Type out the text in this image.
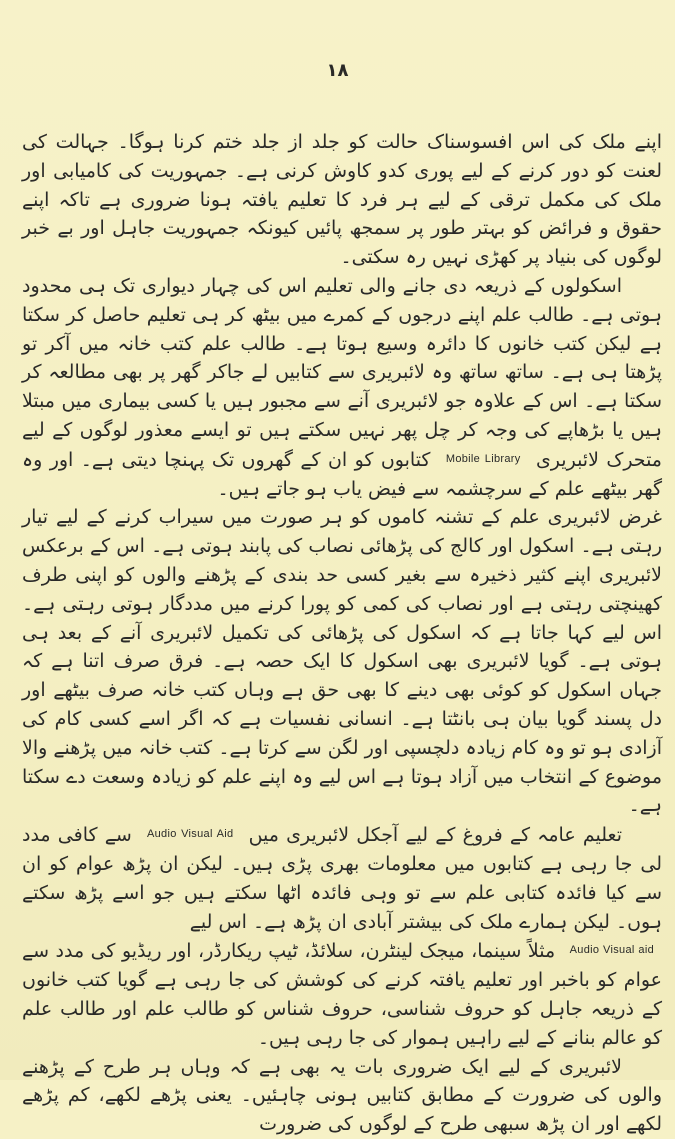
۱۸

اپنے ملک کی اس افسوسناک حالت کو جلد از جلد ختم کرنا ہوگا۔ جہالت کی لعنت کو دور کرنے کے لیے پوری کدو کاوش کرنی ہے۔ جمہوریت کی کامیابی اور ملک کی مکمل ترقی کے لیے ہر فرد کا تعلیم یافتہ ہونا ضروری ہے تاکہ اپنے حقوق و فرائض کو بہتر طور پر سمجھ پائیں کیونکہ جمہوریت جاہل اور بے خبر لوگوں کی بنیاد پر کھڑی نہیں رہ سکتی۔

اسکولوں کے ذریعہ دی جانے والی تعلیم اس کی چہار دیواری تک ہی محدود ہوتی ہے۔ طالب علم اپنے درجوں کے کمرے میں بیٹھ کر ہی تعلیم حاصل کر سکتا ہے لیکن کتب خانوں کا دائرہ وسیع ہوتا ہے۔ طالب علم کتب خانہ میں آکر تو پڑھتا ہی ہے۔ ساتھ ساتھ وہ لائبریری سے کتابیں لے جاکر گھر پر بھی مطالعہ کر سکتا ہے۔ اس کے علاوہ جو لائبریری آنے سے مجبور ہیں یا کسی بیماری میں مبتلا ہیں یا بڑھاپے کی وجہ کر چل پھر نہیں سکتے ہیں تو ایسے معذور لوگوں کے لیے متحرک لائبریری $^{Mobile Library}$ کتابوں کو ان کے گھروں تک پہنچا دیتی ہے۔ اور وہ گھر بیٹھے علم کے سرچشمہ سے فیض یاب ہو جاتے ہیں۔

غرض لائبریری علم کے تشنہ کاموں کو ہر صورت میں سیراب کرنے کے لیے تیار رہتی ہے۔ اسکول اور کالج کی پڑھائی نصاب کی پابند ہوتی ہے۔ اس کے برعکس لائبریری اپنے کثیر ذخیرہ سے بغیر کسی حد بندی کے پڑھنے والوں کو اپنی طرف کھینچتی رہتی ہے اور نصاب کی کمی کو پورا کرنے میں مددگار ہوتی رہتی ہے۔ اس لیے کہا جاتا ہے کہ اسکول کی پڑھائی کی تکمیل لائبریری آنے کے بعد ہی ہوتی ہے۔ گویا لائبریری بھی اسکول کا ایک حصہ ہے۔ فرق صرف اتنا ہے کہ جہاں اسکول کو کوئی بھی دینے کا بھی حق ہے وہاں کتب خانہ صرف بیٹھے اور دل پسند گویا بیان ہی بانٹتا ہے۔ انسانی نفسیات ہے کہ اگر اسے کسی کام کی آزادی ہو تو وہ کام زیادہ دلچسپی اور لگن سے کرتا ہے۔ کتب خانہ میں پڑھنے والا موضوع کے انتخاب میں آزاد ہوتا ہے اس لیے وہ اپنے علم کو زیادہ وسعت دے سکتا ہے۔

تعلیم عامہ کے فروغ کے لیے آجکل لائبریری میں $^{Audio Visual Aid}$ سے کافی مدد لی جا رہی ہے کتابوں میں معلومات بھری پڑی ہیں۔ لیکن ان پڑھ عوام کو ان سے کیا فائدہ کتابی علم سے تو وہی فائدہ اٹھا سکتے ہیں جو اسے پڑھ سکتے ہوں۔ لیکن ہمارے ملک کی بیشتر آبادی ان پڑھ ہے۔ اس لیے

$^{Audio Visual aid}$ مثلاً سینما، میجک لینٹرن، سلائڈ، ٹیپ ریکارڈر، اور ریڈیو کی مدد سے عوام کو باخبر اور تعلیم یافتہ کرنے کی کوشش کی جا رہی ہے گویا کتب خانوں کے ذریعہ جاہل کو حروف شناسی، حروف شناس کو طالب علم اور طالب علم کو عالم بنانے کے لیے راہیں ہموار کی جا رہی ہیں۔

لائبریری کے لیے ایک ضروری بات یہ بھی ہے کہ وہاں ہر طرح کے پڑھنے والوں کی ضرورت کے مطابق کتابیں ہونی چاہئیں۔ یعنی پڑھے لکھے، کم پڑھے لکھے اور ان پڑھ سبھی طرح کے لوگوں کی ضرورت
